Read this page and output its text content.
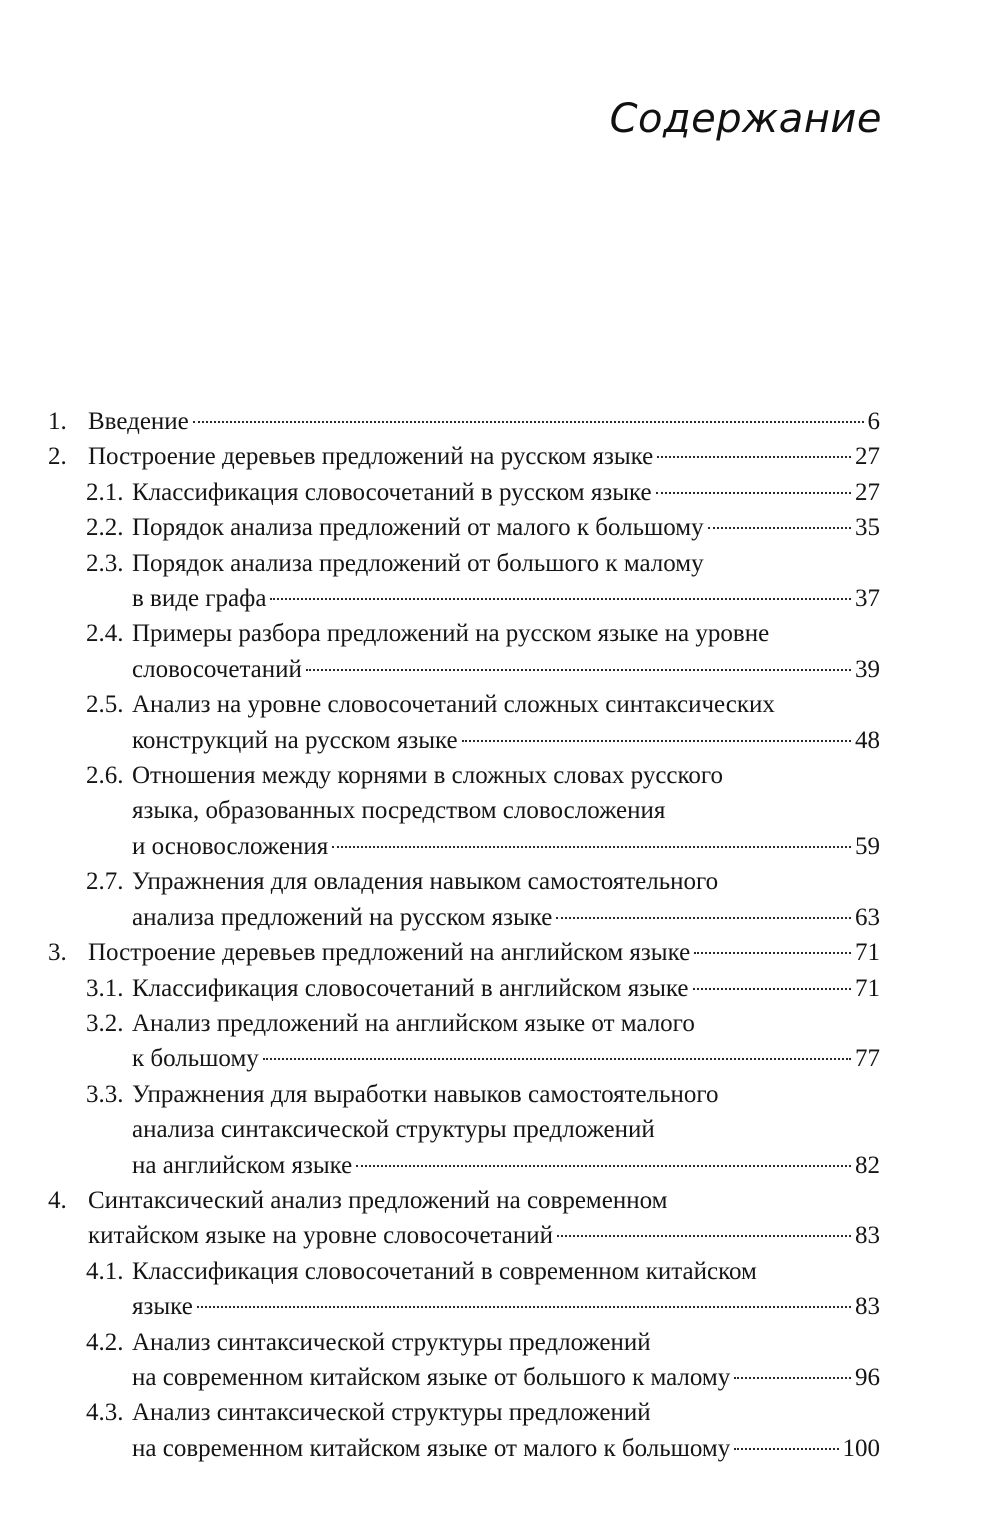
Содержание
1. Введение	6
2. Построение деревьев предложений на русском языке	27
2.1. Классификация словосочетаний в русском языке	27
2.2. Порядок анализа предложений от малого к большому	35
2.3. Порядок анализа предложений от большого к малому
в виде графа	37
2.4. Примеры разбора предложений на русском языке на уровне
словосочетаний	39
2.5. Анализ на уровне словосочетаний сложных синтаксических
конструкций на русском языке	48
2.6. Отношения между корнями в сложных словах русского
языка, образованных посредством словосложения
и основосложения	59
2.7. Упражнения для овладения навыком самостоятельного
анализа предложений на русском языке	63
3. Построение деревьев предложений на английском языке	71
3.1. Классификация словосочетаний в английском языке	71
3.2. Анализ предложений на английском языке от малого
к большому	77
3.3. Упражнения для выработки навыков самостоятельного
анализа синтаксической структуры предложений
на английском языке	82
4. Синтаксический анализ предложений на современном
китайском языке на уровне словосочетаний	83
4.1. Классификация словосочетаний в современном китайском
языке	83
4.2. Анализ синтаксической структуры предложений
на современном китайском языке от большого к малому	96
4.3. Анализ синтаксической структуры предложений
на современном китайском языке от малого к большому	100
